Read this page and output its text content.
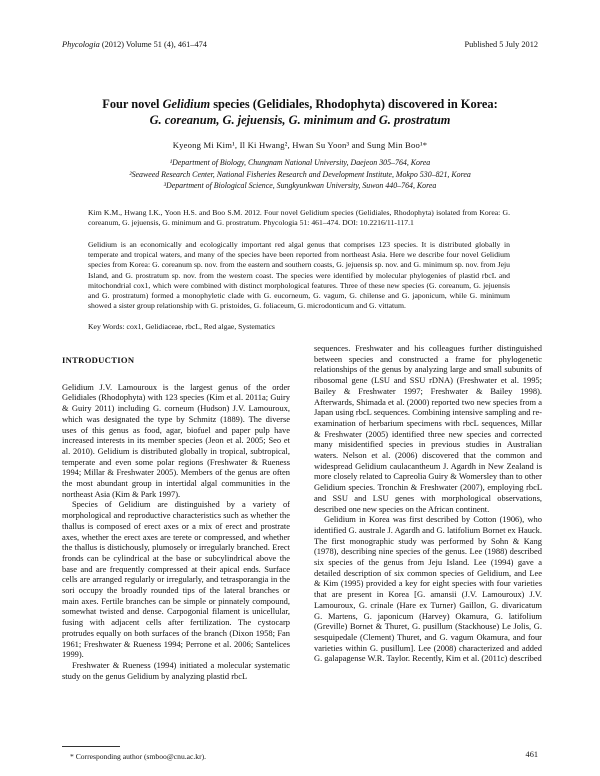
Phycologia (2012) Volume 51 (4), 461–474	Published 5 July 2012
Four novel Gelidium species (Gelidiales, Rhodophyta) discovered in Korea:
G. coreanum, G. jejuensis, G. minimum and G. prostratum
Kyeong Mi Kim¹, Il Ki Hwang², Hwan Su Yoon³ and Sung Min Boo¹*
¹Department of Biology, Chungnam National University, Daejeon 305–764, Korea
²Seaweed Research Center, National Fisheries Research and Development Institute, Mokpo 530–821, Korea
³Department of Biological Science, Sungkyunkwan University, Suwon 440–764, Korea
Kim K.M., Hwang I.K., Yoon H.S. and Boo S.M. 2012. Four novel Gelidium species (Gelidiales, Rhodophyta) isolated from Korea: G. coreanum, G. jejuensis, G. minimum and G. prostratum. Phycologia 51: 461–474. DOI: 10.2216/11-117.1
Gelidium is an economically and ecologically important red algal genus that comprises 123 species. It is distributed globally in temperate and tropical waters, and many of the species have been reported from northeast Asia. Here we describe four novel Gelidium species from Korea: G. coreanum sp. nov. from the eastern and southern coasts, G. jejuensis sp. nov. and G. minimum sp. nov. from Jeju Island, and G. prostratum sp. nov. from the western coast. The species were identified by molecular phylogenies of plastid rbcL and mitochondrial cox1, which were combined with distinct morphological features. Three of these new species (G. coreanum, G. jejuensis and G. prostratum) formed a monophyletic clade with G. eucorneum, G. vagum, G. chilense and G. japonicum, while G. minimum showed a sister group relationship with G. pristoides, G. foliaceum, G. microdonticum and G. vittatum.
Key Words: cox1, Gelidiaceae, rbcL, Red algae, Systematics
INTRODUCTION

Gelidium J.V. Lamouroux is the largest genus of the order Gelidiales (Rhodophyta) with 123 species (Kim et al. 2011a; Guiry & Guiry 2011) including G. corneum (Hudson) J.V. Lamouroux, which was designated the type by Schmitz (1889). The diverse uses of this genus as food, agar, biofuel and paper pulp have increased interests in its member species (Jeon et al. 2005; Seo et al. 2010). Gelidium is distributed globally in tropical, subtropical, temperate and even some polar regions (Freshwater & Rueness 1994; Millar & Freshwater 2005). Members of the genus are often the most abundant group in intertidal algal communities in the northeast Asia (Kim & Park 1997).

Species of Gelidium are distinguished by a variety of morphological and reproductive characteristics such as whether the thallus is composed of erect axes or a mix of erect and prostrate axes, whether the erect axes are terete or compressed, and whether the thallus is distichously, plumosely or irregularly branched. Erect fronds can be cylindrical at the base or subcylindrical above the base and are frequently compressed at their apical ends. Surface cells are arranged regularly or irregularly, and tetrasporangia in the sori occupy the broadly rounded tips of the lateral branches or main axes. Fertile branches can be simple or pinnately compound, somewhat twisted and dense. Carpogonial filament is unicellular, fusing with adjacent cells after fertilization. The cystocarp protrudes equally on both surfaces of the branch (Dixon 1958; Fan 1961; Freshwater & Rueness 1994; Perrone et al. 2006; Santelices 1999).

Freshwater & Rueness (1994) initiated a molecular systematic study on the genus Gelidium by analyzing plastid rbcL

sequences. Freshwater and his colleagues further distinguished between species and constructed a frame for phylogenetic relationships of the genus by analyzing large and small subunits of ribosomal gene (LSU and SSU rDNA) (Freshwater et al. 1995; Bailey & Freshwater 1997; Freshwater & Bailey 1998). Afterwards, Shimada et al. (2000) reported two new species from a Japan using rbcL sequences. Combining intensive sampling and re-examination of herbarium specimens with rbcL sequences, Millar & Freshwater (2005) identified three new species and corrected many misidentified species in previous studies in Australian waters. Nelson et al. (2006) discovered that the common and widespread Gelidium caulacantheum J. Agardh in New Zealand is more closely related to Capreolia Guiry & Womersley than to other Gelidium species. Tronchin & Freshwater (2007), employing rbcL and SSU and LSU genes with morphological observations, described one new species on the African continent.

Gelidium in Korea was first described by Cotton (1906), who identified G. australe J. Agardh and G. latifolium Bornet ex Hauck. The first monographic study was performed by Sohn & Kang (1978), describing nine species of the genus. Lee (1988) described six species of the genus from Jeju Island. Lee (1994) gave a detailed description of six common species of Gelidium, and Lee & Kim (1995) provided a key for eight species with four varieties that are present in Korea [G. amansii (J.V. Lamouroux) J.V. Lamouroux, G. crinale (Hare ex Turner) Gaillon, G. divaricatum G. Martens, G. japonicum (Harvey) Okamura, G. latifolium (Greville) Bornet & Thuret, G. pusillum (Stackhouse) Le Jolis, G. sesquipedale (Clement) Thuret, and G. vagum Okamura, and four varieties within G. pusillum]. Lee (2008) characterized and added G. galapagense W.R. Taylor. Recently, Kim et al. (2011c) described

* Corresponding author (smboo@cnu.ac.kr).	461
